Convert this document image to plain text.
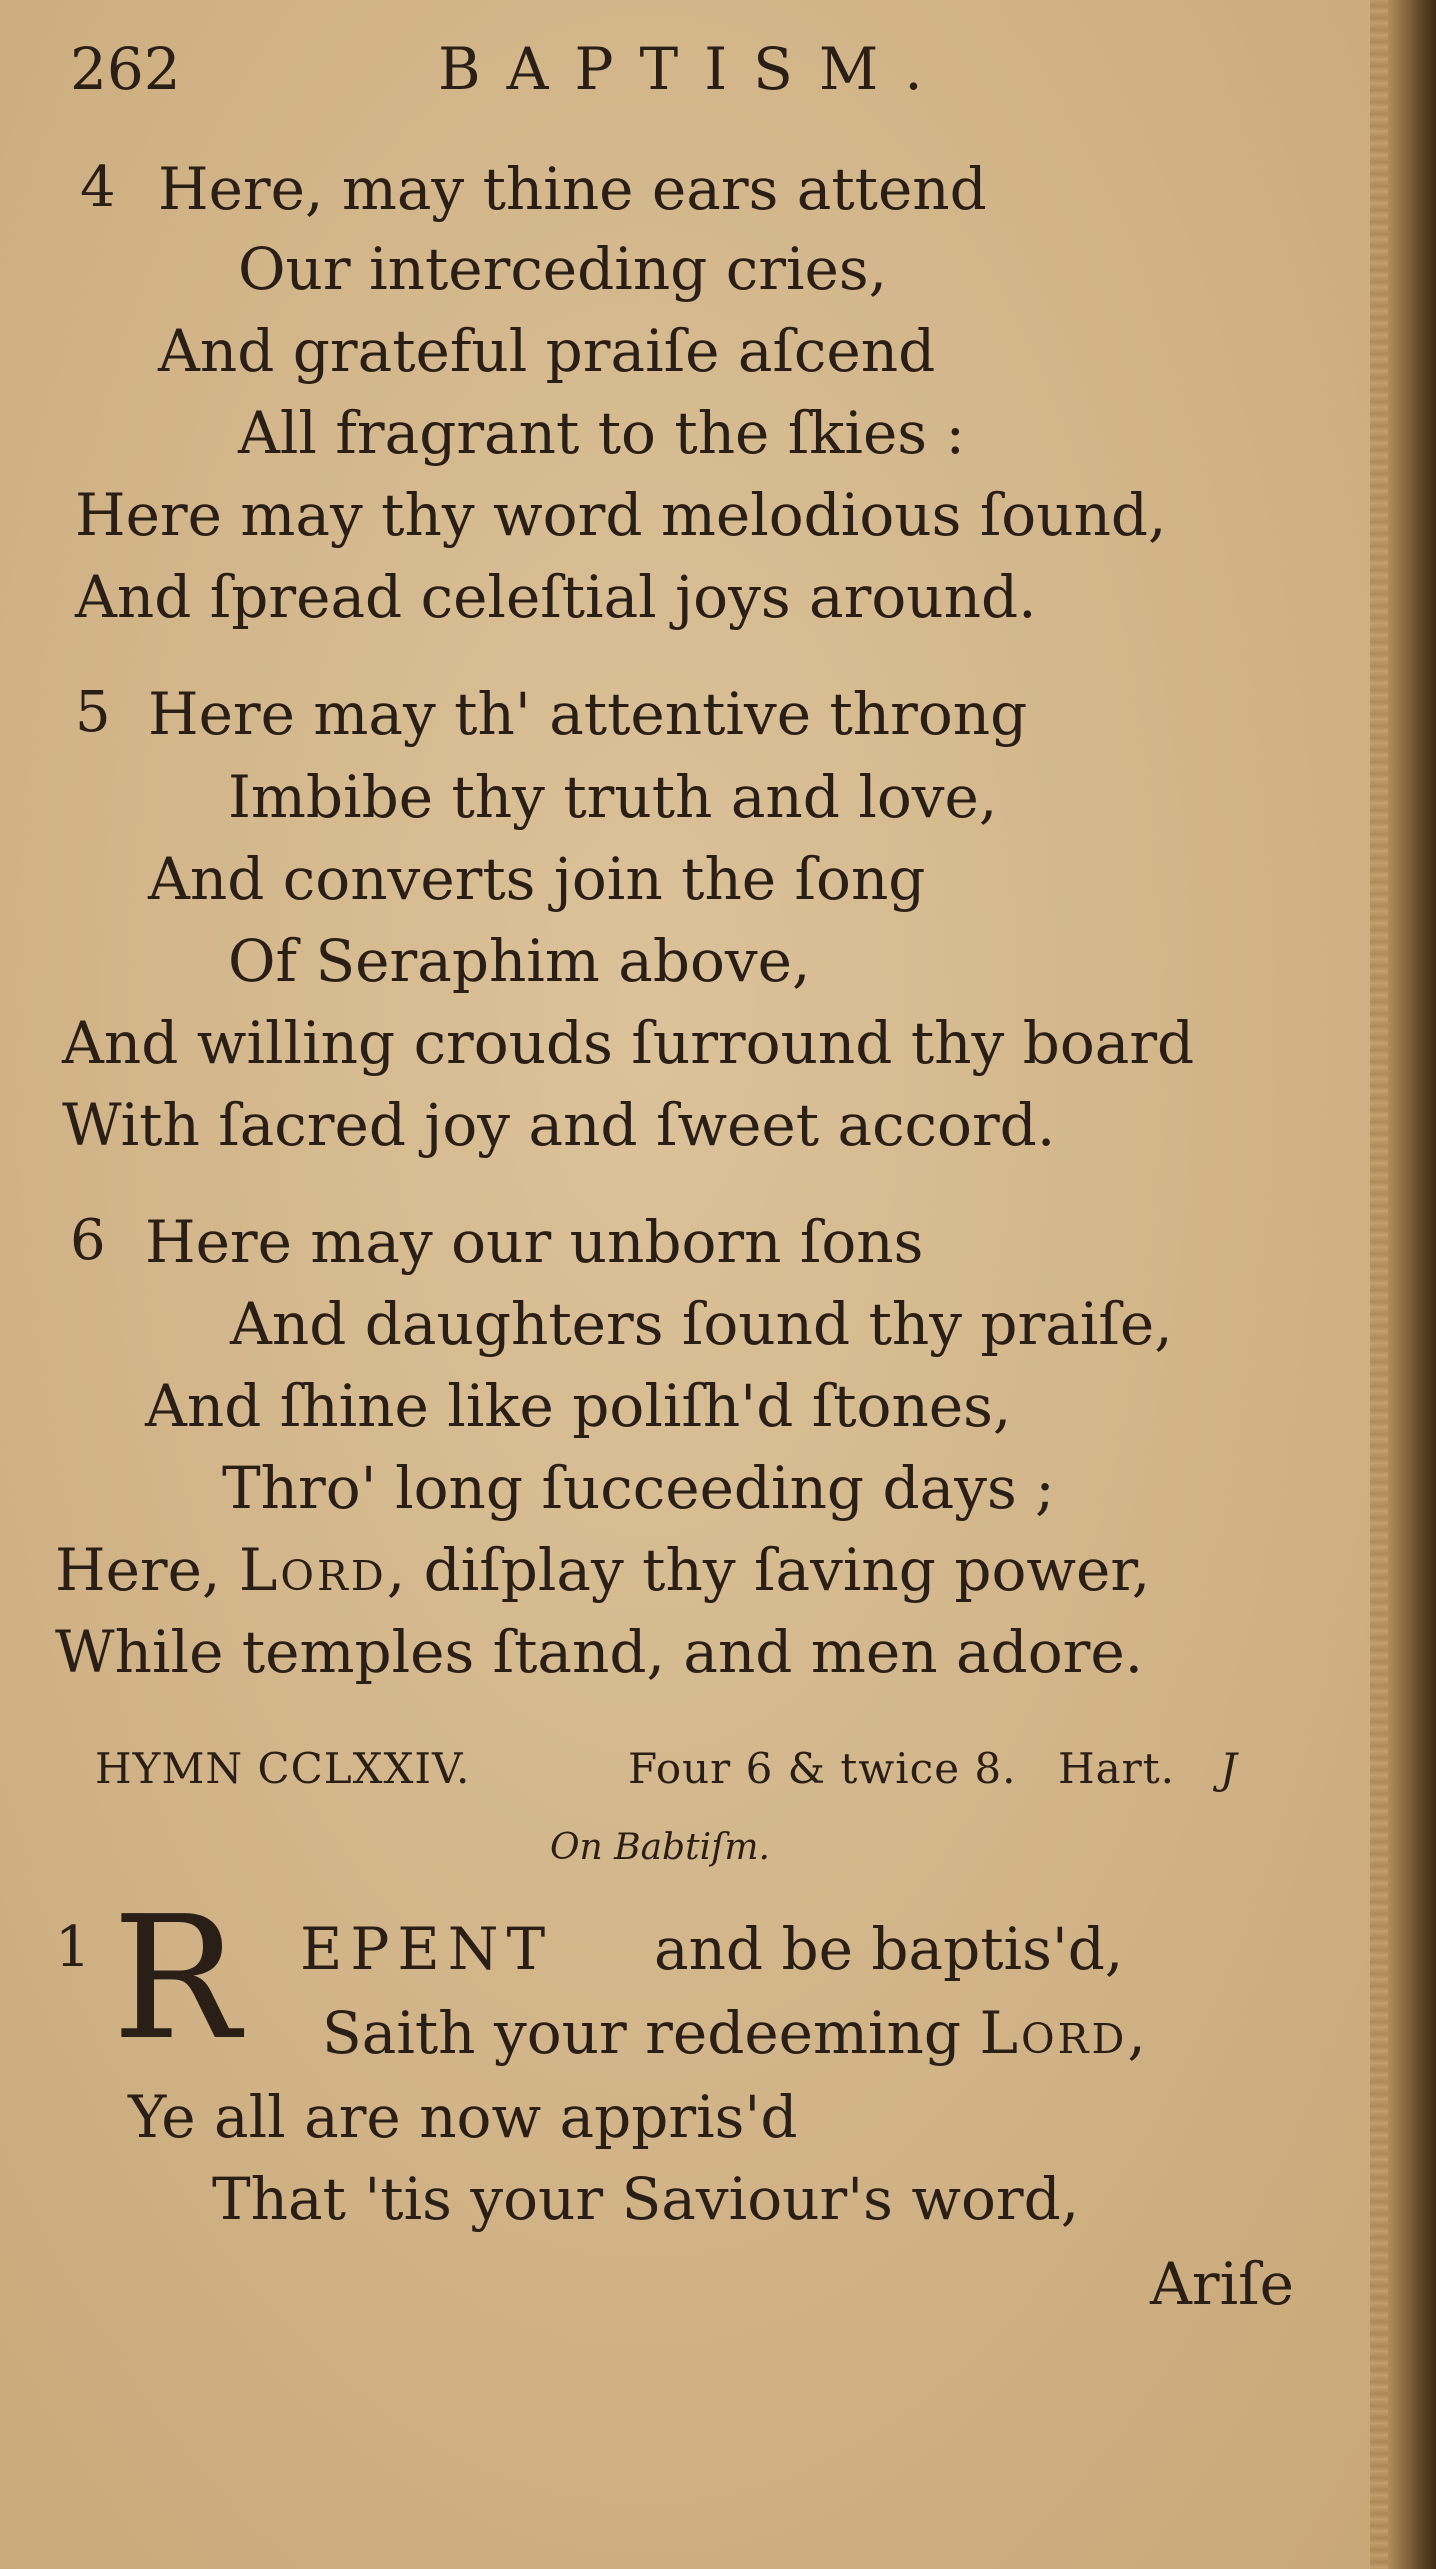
262	BAPTISM.
4 Here, may thine ears attend
Our interceding cries,
And grateful praiſe aſcend
All fragrant to the ſkies :
Here may thy word melodious ſound,
And ſpread celeſtial joys around.
5 Here may th' attentive throng
Imbibe thy truth and love,
And converts join the ſong
Of Seraphim above,
And willing crouds ſurround thy board
With ſacred joy and ſweet accord.
6 Here may our unborn ſons
And daughters ſound thy praiſe,
And ſhine like poliſh'd ſtones,
Thro' long ſucceeding days ;
Here, Lord, diſplay thy ſaving power,
While temples ſtand, and men adore.
HYMN CCLXXIV.	Four 6 & twice 8. Hart. J
On Babtiſm.
1 R EPENT and be baptis'd,
Saith your redeeming Lord,
Ye all are now appris'd
That 'tis your Saviour's word,
Ariſe
